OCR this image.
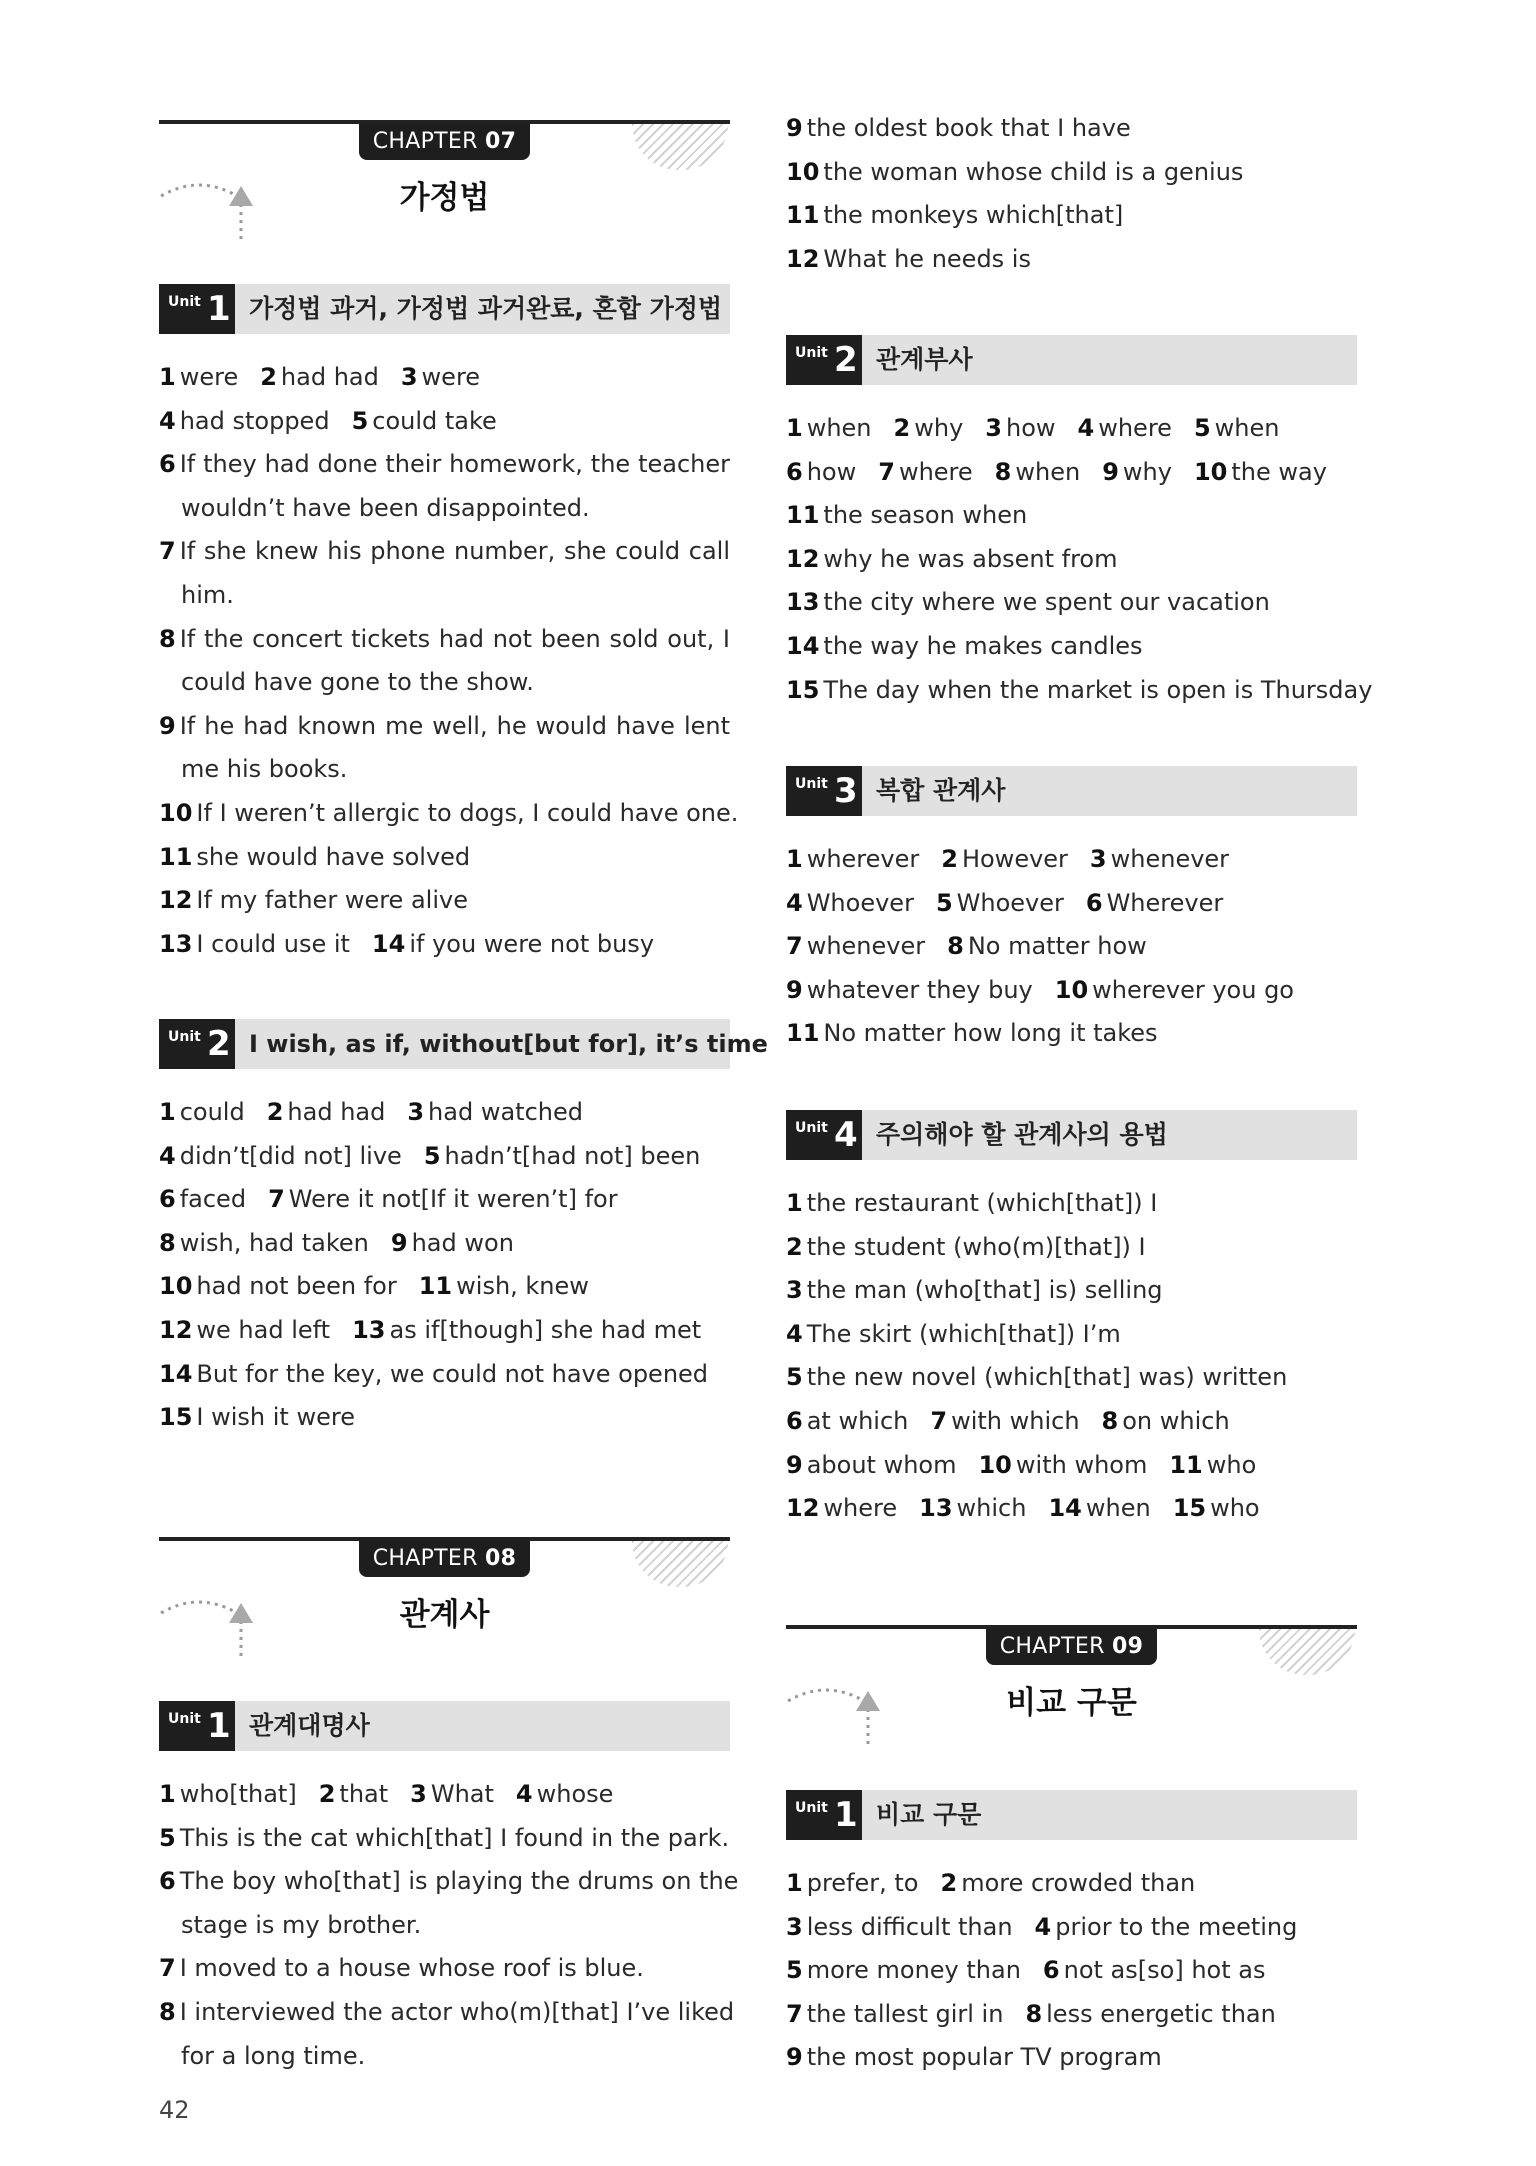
CHAPTER 07
가정법
Unit 1 가정법 과거, 가정법 과거완료, 혼합 가정법
1 were 2 had had 3 were
4 had stopped 5 could take
6 If they had done their homework, the teacher
wouldn’t have been disappointed.
7 If she knew his phone number, she could call
him.
8 If the concert tickets had not been sold out, I
could have gone to the show.
9 If he had known me well, he would have lent
me his books.
10 If I weren’t allergic to dogs, I could have one.
11 she would have solved
12 If my father were alive
13 I could use it 14 if you were not busy
Unit 2 I wish, as if, without[but for], it’s time
1 could 2 had had 3 had watched
4 didn’t[did not] live 5 hadn’t[had not] been
6 faced 7 Were it not[If it weren’t] for
8 wish, had taken 9 had won
10 had not been for 11 wish, knew
12 we had left 13 as if[though] she had met
14 But for the key, we could not have opened
15 I wish it were
CHAPTER 08
관계사
Unit 1 관계대명사
1 who[that] 2 that 3 What 4 whose
5 This is the cat which[that] I found in the park.
6 The boy who[that] is playing the drums on the
stage is my brother.
7 I moved to a house whose roof is blue.
8 I interviewed the actor who(m)[that] I’ve liked
for a long time.
9 the oldest book that I have
10 the woman whose child is a genius
11 the monkeys which[that]
12 What he needs is
Unit 2 관계부사
1 when 2 why 3 how 4 where 5 when
6 how 7 where 8 when 9 why 10 the way
11 the season when
12 why he was absent from
13 the city where we spent our vacation
14 the way he makes candles
15 The day when the market is open is Thursday
Unit 3 복합 관계사
1 wherever 2 However 3 whenever
4 Whoever 5 Whoever 6 Wherever
7 whenever 8 No matter how
9 whatever they buy 10 wherever you go
11 No matter how long it takes
Unit 4 주의해야 할 관계사의 용법
1 the restaurant (which[that]) I
2 the student (who(m)[that]) I
3 the man (who[that] is) selling
4 The skirt (which[that]) I’m
5 the new novel (which[that] was) written
6 at which 7 with which 8 on which
9 about whom 10 with whom 11 who
12 where 13 which 14 when 15 who
CHAPTER 09
비교 구문
Unit 1 비교 구문
1 prefer, to 2 more crowded than
3 less difficult than 4 prior to the meeting
5 more money than 6 not as[so] hot as
7 the tallest girl in 8 less energetic than
9 the most popular TV program
42
